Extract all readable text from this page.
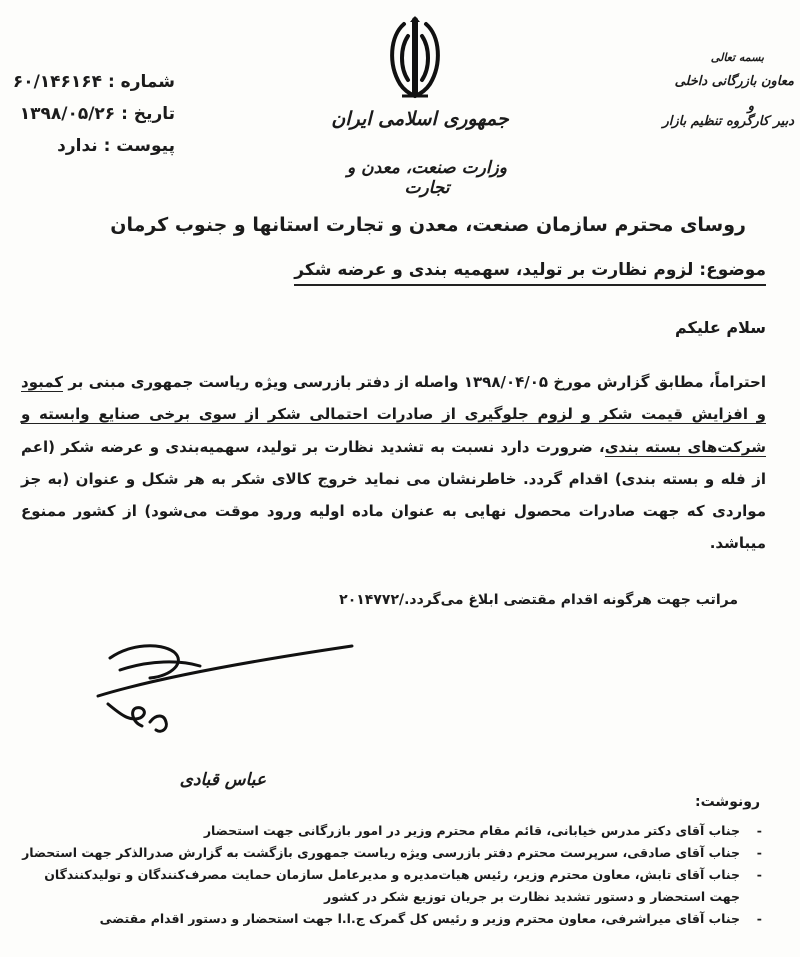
بسمه تعالی
معاون بازرگانی داخلی
و
دبیر کارگروه تنظیم بازار
جمهوری اسلامی ایران
وزارت صنعت، معدن و تجارت
شماره : ۶۰/۱۴۶۱۶۴
تاریخ : ۱۳۹۸/۰۵/۲۶
پیوست : ندارد
روسای محترم سازمان صنعت، معدن و تجارت استانها و جنوب کرمان
موضوع: لزوم نظارت بر تولید، سهمیه بندی و عرضه شکر
سلام علیکم

احتراماً، مطابق گزارش مورخ ۱۳۹۸/۰۴/۰۵ واصله از دفتر بازرسی ویژه ریاست جمهوری مبنی بر کمبود و افزایش قیمت شکر و لزوم جلوگیری از صادرات احتمالی شکر از سوی برخی صنایع وابسته و شرکت‌های بسته بندی، ضرورت دارد نسبت به تشدید نظارت بر تولید، سهمیه‌بندی و عرضه شکر (اعم از فله و بسته بندی) اقدام گردد. خاطرنشان می نماید خروج کالای شکر به هر شکل و عنوان (به جز مواردی که جهت صادرات محصول نهایی به عنوان ماده اولیه ورود موقت می‌شود) از کشور ممنوع میباشد.

مراتب جهت هرگونه اقدام مقتضی ابلاغ می‌گردد./۲۰۱۴۷۷۲
عباس قبادی
رونوشت:
- جناب آقای دکتر مدرس خیابانی، قائم مقام محترم وزیر در امور بازرگانی جهت استحضار
- جناب آقای صادقی، سرپرست محترم دفتر بازرسی ویژه ریاست جمهوری بازگشت به گزارش صدرالذکر جهت استحضار
- جناب آقای تابش، معاون محترم وزیر، رئیس هیات‌مدیره و مدیرعامل سازمان حمایت مصرف‌کنندگان و تولیدکنندگان جهت استحضار و دستور تشدید نظارت بر جریان توزیع شکر در کشور
- جناب آقای میراشرفی، معاون محترم وزیر و رئیس کل گمرک ج.ا.ا جهت استحضار و دستور اقدام مقتضی
